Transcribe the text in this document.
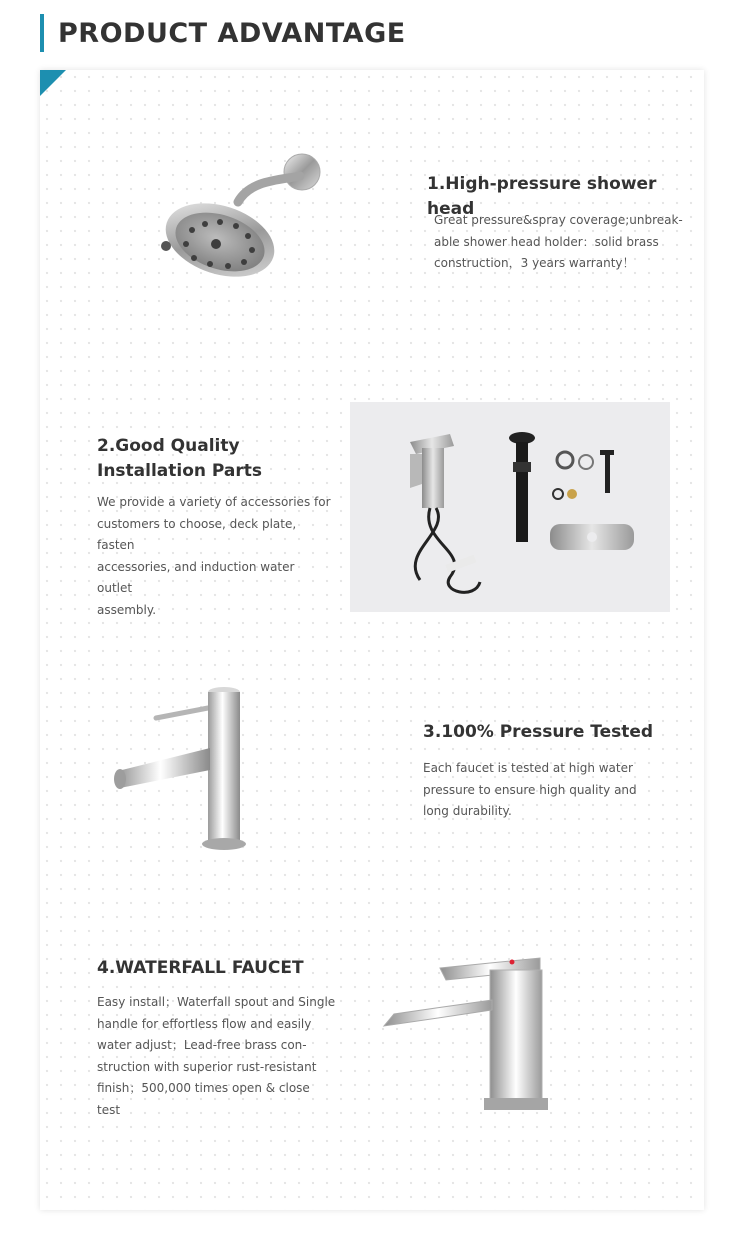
PRODUCT ADVANTAGE

1.High-pressure shower head

Great pressure&spray coverage;unbreak-
able shower head holder：solid brass
construction，3 years warranty！
2.Good Quality
Installation Parts
We provide a variety of accessories for
customers to choose, deck plate, fasten
accessories, and induction water outlet
assembly.

3.100% Pressure Tested

Each faucet is tested at high water
pressure to ensure high quality and
long durability.

4.WATERFALL FAUCET

Easy install；Waterfall spout and Single
handle for effortless flow and easily
water adjust；Lead-free brass con-
struction with superior rust-resistant
finish；500,000 times open & close
test
